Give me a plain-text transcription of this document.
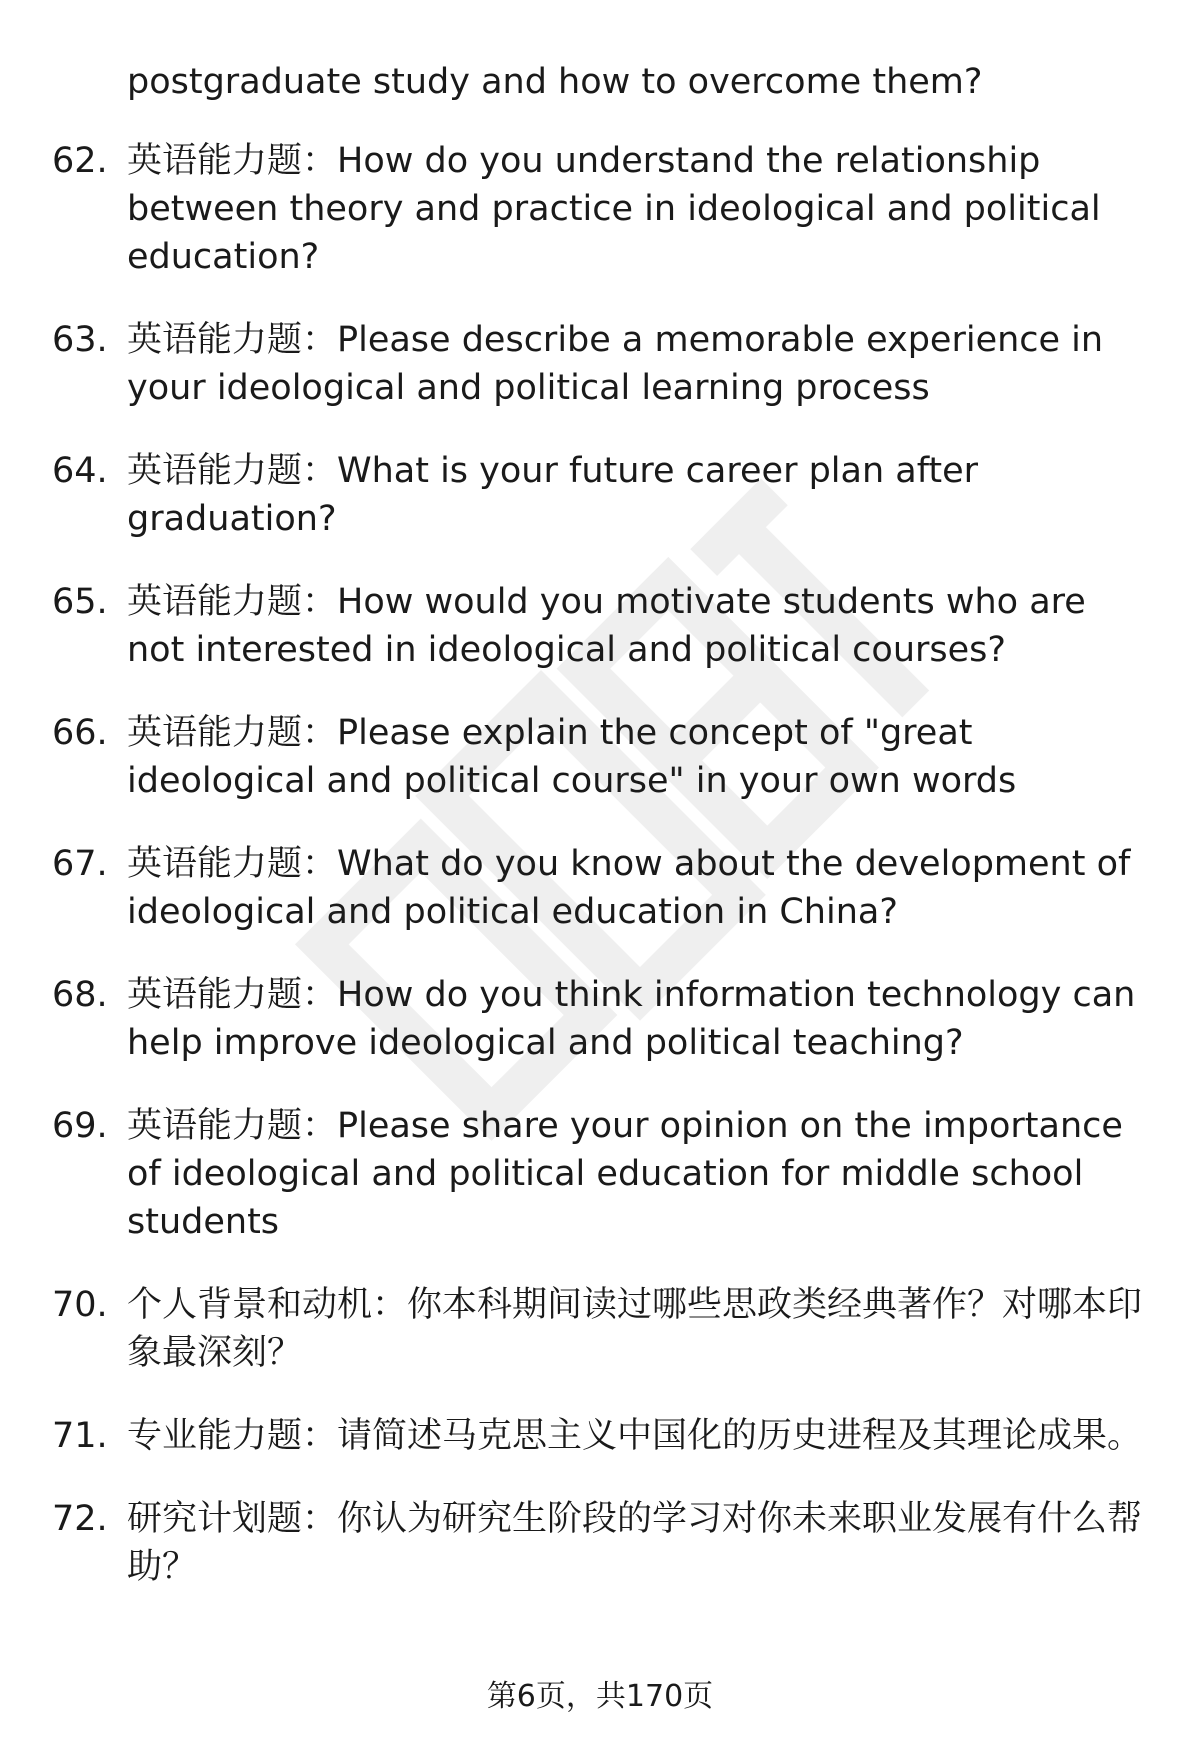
postgraduate study and how to overcome them?
62. 英语能力题：How do you understand the relationship between theory and practice in ideological and political education?
63. 英语能力题：Please describe a memorable experience in your ideological and political learning process
64. 英语能力题：What is your future career plan after graduation?
65. 英语能力题：How would you motivate students who are not interested in ideological and political courses?
66. 英语能力题：Please explain the concept of "great ideological and political course" in your own words
67. 英语能力题：What do you know about the development of ideological and political education in China?
68. 英语能力题：How do you think information technology can help improve ideological and political teaching?
69. 英语能力题：Please share your opinion on the importance of ideological and political education for middle school students
70. 个人背景和动机：你本科期间读过哪些思政类经典著作？对哪本印象最深刻？
71. 专业能力题：请简述马克思主义中国化的历史进程及其理论成果。
72. 研究计划题：你认为研究生阶段的学习对你未来职业发展有什么帮助？
第6页，共170页
